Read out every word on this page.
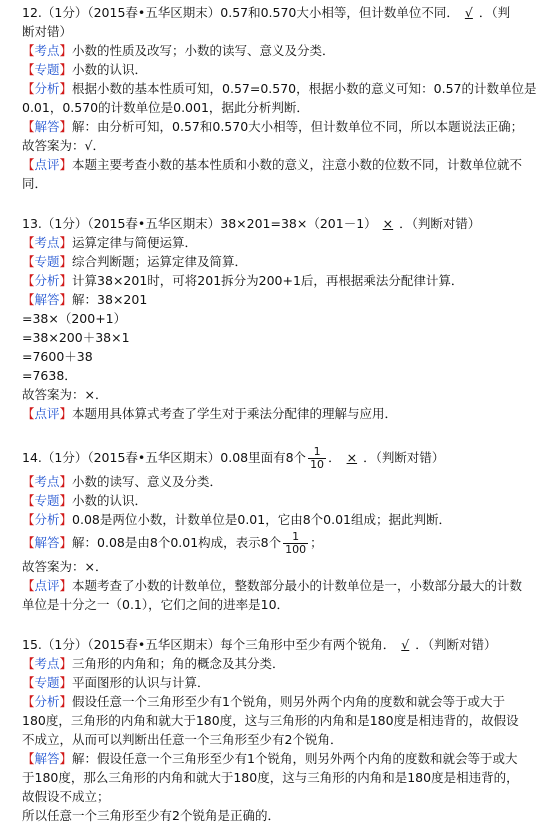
12.（1分）（2015春•五华区期末）0.57和0.570大小相等，但计数单位不同． √ ．（判
断对错）
【考点】小数的性质及改写；小数的读写、意义及分类．
【专题】小数的认识．
【分析】根据小数的基本性质可知，0.57=0.570，根据小数的意义可知：0.57的计数单位是
0.01，0.570的计数单位是0.001，据此分析判断．
【解答】解：由分析可知，0.57和0.570大小相等，但计数单位不同，所以本题说法正确；
故答案为：√．
【点评】本题主要考查小数的基本性质和小数的意义，注意小数的位数不同，计数单位就不
同．
13.（1分）（2015春•五华区期末）38×201=38×（201－1） × ．（判断对错）
【考点】运算定律与简便运算．
【专题】综合判断题；运算定律及简算．
【分析】计算38×201时，可将201拆分为200+1后，再根据乘法分配律计算．
【解答】解：38×201
=38×（200+1）
=38×200＋38×1
=7600＋38
=7638．
故答案为：×．
【点评】本题用具体算式考查了学生对于乘法分配律的理解与应用．
14.（1分）（2015春•五华区期末）0.08里面有8个 $\frac{1}{10}$ ． × ．（判断对错）
【考点】小数的读写、意义及分类．
【专题】小数的认识．
【分析】0.08是两位小数，计数单位是0.01，它由8个0.01组成；据此判断．
【解答】解：0.08是由8个0.01构成，表示8个 $\frac{1}{100}$ ；
故答案为：×．
【点评】本题考查了小数的计数单位，整数部分最小的计数单位是一，小数部分最大的计数
单位是十分之一（0.1），它们之间的进率是10．
15.（1分）（2015春•五华区期末）每个三角形中至少有两个锐角． √ ．（判断对错）
【考点】三角形的内角和；角的概念及其分类．
【专题】平面图形的认识与计算．
【分析】假设任意一个三角形至少有1个锐角，则另外两个内角的度数和就会等于或大于
180度，三角形的内角和就大于180度，这与三角形的内角和是180度是相违背的，故假设
不成立，从而可以判断出任意一个三角形至少有2个锐角．
【解答】解：假设任意一个三角形至少有1个锐角，则另外两个内角的度数和就会等于或大
于180度，那么三角形的内角和就大于180度，这与三角形的内角和是180度是相违背的，
故假设不成立；
所以任意一个三角形至少有2个锐角是正确的．
